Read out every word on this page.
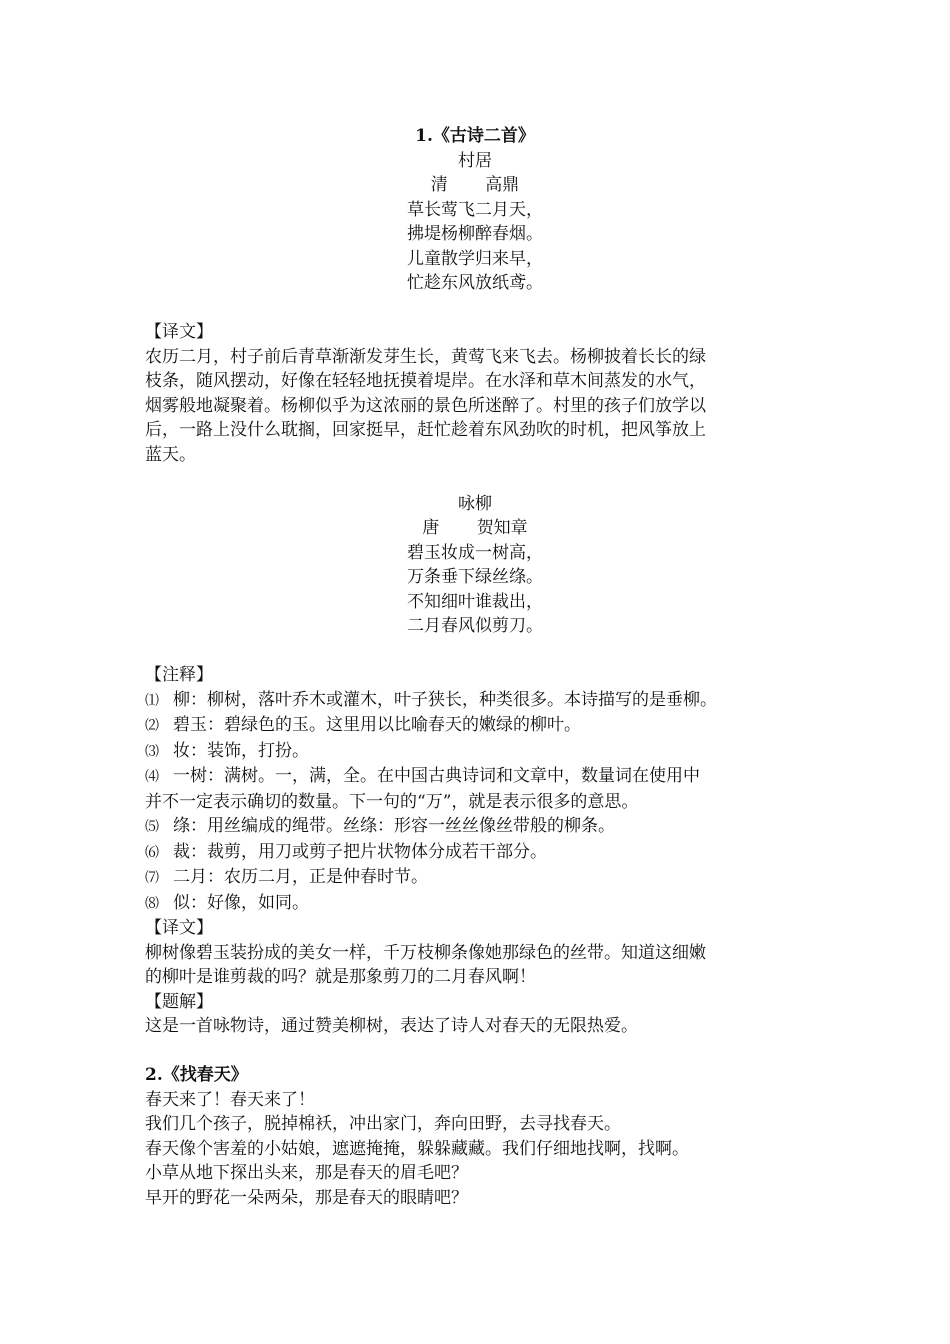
1.《古诗二首》
村居
清 高鼎
草长莺飞二月天，
拂堤杨柳醉春烟。
儿童散学归来早，
忙趁东风放纸鸢。
【译文】
农历二月，村子前后青草渐渐发芽生长，黄莺飞来飞去。杨柳披着长长的绿
枝条，随风摆动，好像在轻轻地抚摸着堤岸。在水泽和草木间蒸发的水气，
烟雾般地凝聚着。杨柳似乎为这浓丽的景色所迷醉了。村里的孩子们放学以
后，一路上没什么耽搁，回家挺早，赶忙趁着东风劲吹的时机，把风筝放上
蓝天。
咏柳
唐 贺知章
碧玉妆成一树高，
万条垂下绿丝绦。
不知细叶谁裁出，
二月春风似剪刀。
【注释】
⑴ 柳：柳树，落叶乔木或灌木，叶子狭长，种类很多。本诗描写的是垂柳。
⑵ 碧玉：碧绿色的玉。这里用以比喻春天的嫩绿的柳叶。
⑶ 妆：装饰，打扮。
⑷ 一树：满树。一，满，全。在中国古典诗词和文章中，数量词在使用中
并不一定表示确切的数量。下一句的“万”，就是表示很多的意思。
⑸ 绦：用丝编成的绳带。丝绦：形容一丝丝像丝带般的柳条。
⑹ 裁：裁剪，用刀或剪子把片状物体分成若干部分。
⑺ 二月：农历二月，正是仲春时节。
⑻ 似：好像，如同。
【译文】
柳树像碧玉装扮成的美女一样，千万枝柳条像她那绿色的丝带。知道这细嫩
的柳叶是谁剪裁的吗？就是那象剪刀的二月春风啊！
【题解】
这是一首咏物诗，通过赞美柳树，表达了诗人对春天的无限热爱。
2.《找春天》
春天来了！春天来了！
我们几个孩子，脱掉棉袄，冲出家门，奔向田野，去寻找春天。
春天像个害羞的小姑娘，遮遮掩掩，躲躲藏藏。我们仔细地找啊，找啊。
小草从地下探出头来，那是春天的眉毛吧？
早开的野花一朵两朵，那是春天的眼睛吧？
